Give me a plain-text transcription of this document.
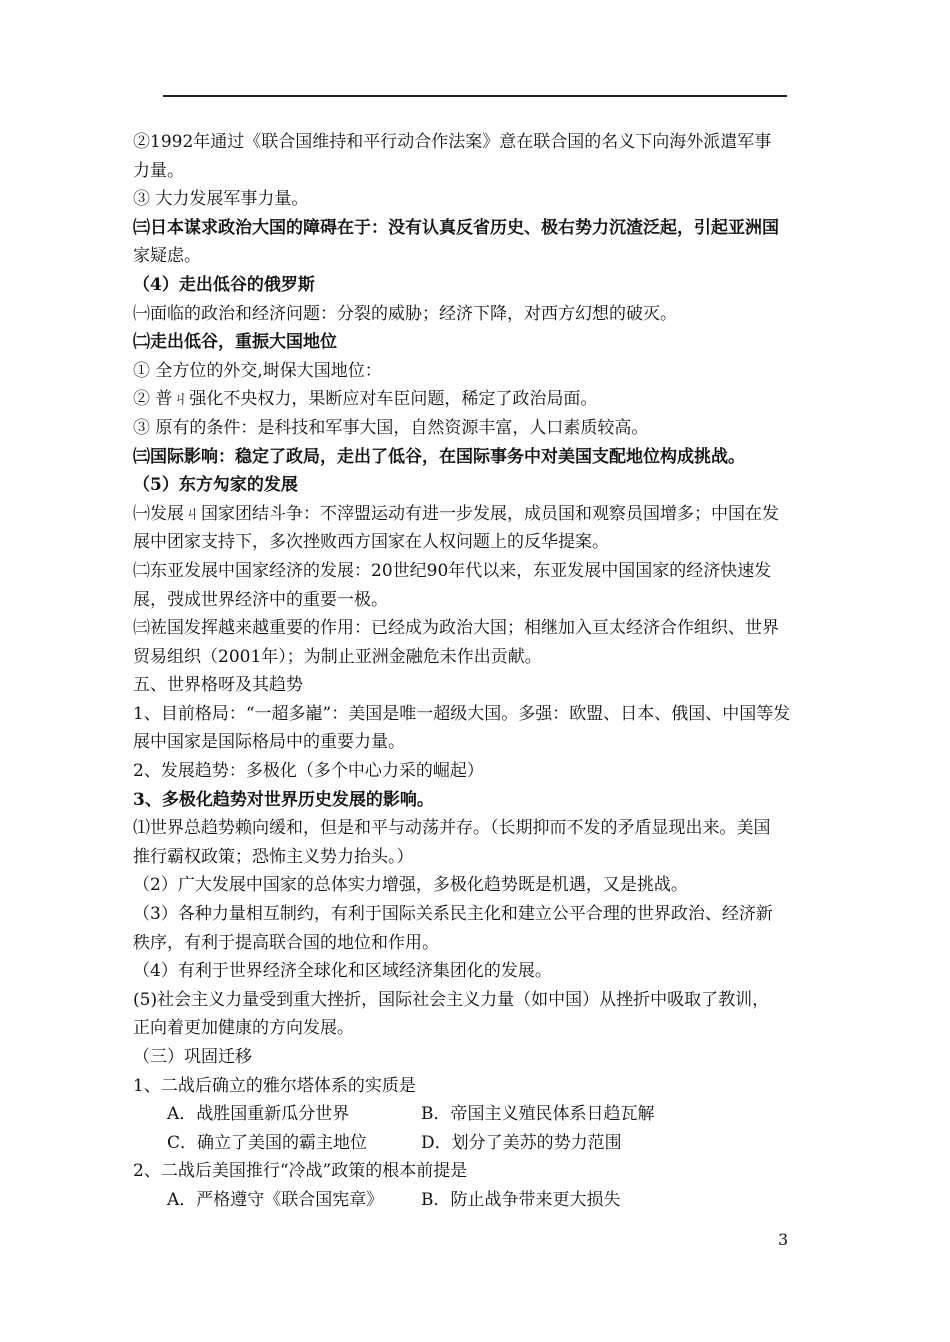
②1992年通过《联合国维持和平行动合作法案》意在联合国的名义下向海外派遣军事
力量。
③ 大力发展军事力量。
㈢日本谋求政治大国的障碍在于：没有认真反省历史、极右势力沉渣泛起，引起亚洲国
家疑虑。
（4）走出低谷的俄罗斯
㈠面临的政治和经济问题：分裂的威胁；经济下降，对西方幻想的破灭。
㈡走出低谷，重振大国地位
① 全方位的外交,埘保大国地位：
② 普ㄐ强化不央权力，果断应对车臣问题，稀定了政治局面。
③ 原有的条件：是科技和军事大国，自然资源丰富，人口素质较高。
㈢国际影响：稳定了政局，走出了低谷，在国际事务中对美国支配地位构成挑战。
（5）东方勼家的发展
㈠发展ㄐ国家团结斗争：不滓盟运动有进一步发展，成员国和观察员国增多；中国在发
展中团家支持下，多次挫败西方国家在人权问题上的反华提案。
㈡东亚发展中国家经济的发展：20世纪90年代以来，东亚发展中国国家的经济快速发
展，弢成世界经济中的重要一极。
㈢袏国发挥越来越重要的作用：已经成为政治大国；相继加入亘太经济合作组织、世界
贸易组织（2001年）；为制止亚洲金融危未作出贡献。
五、世界格呀及其趋势
1、目前格局：“一超多巃”：美国是唯一超级大国。多强：欧盟、日本、俄国、中国等发
展中国家是国际格局中的重要力量。
2、发展趋势：多极化（多个中心力采的崛起）
3、多极化趋势对世界历史发展的影响。
⑴世界总趋势赖向缓和，但是和平与动荡并存。（长期抑而不发的矛盾显现出来。美国
推行霸权政策；恐怖主义势力抬头。）
（2）广大发展中国家的总体实力增强，多极化趋势既是机遇，又是挑战。
（3）各种力量相互制约，有利于国际关系民主化和建立公平合理的世界政治、经济新
秩序，有利于提高联合国的地位和作用。
（4）有利于世界经济全球化和区域经济集团化的发展。
(5)社会主义力量受到重大挫折，国际社会主义力量（如中国）从挫折中吸取了教训，
正向着更加健康的方向发展。
（三）巩固迁移
1、二战后确立的雅尔塔体系的实质是
A．战胜国重新瓜分世界	B．帝国主义殖民体系日趋瓦解
C．确立了美国的霸主地位	D．划分了美苏的势力范围
2、二战后美国推行“冷战”政策的根本前提是
A．严格遵守《联合国宪章》 B．防止战争带来更大损失
3
